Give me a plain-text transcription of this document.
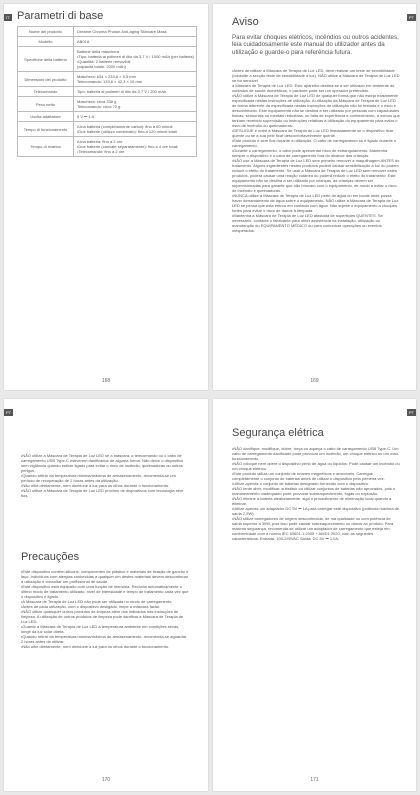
IT Parametri di base
Nome del prodotto	Dreame Chroma Photon Anti-aging Skincare Mask

Modello	AB01A

Specifiche della batteria	Batterie della maschera
•Tipo: batteria ai polimeri di litio da 3,7 V / 1000 mAh (per batteria)
•Quantità: 2 batterie removibili
(capacità totale: 2000 mAh)

Dimensioni del prodotto	Maschera: 634 × 233,8 × 5,5 mm
Telecomando: 133,6 × 42,3 × 19 mm

Telecomando	Tipo: batteria ai polimeri di litio da 3,7 V / 200 mAh

Peso netto	Maschera: circa 338 g
Telecomando: circa 72 g

Uscita adattatore	5 V ⎓ 1 A

Tempo di funzionamento	•Una batteria (completamente carica): fino a 60 minuti
•Due batterie (utilizzo combinato): fino a 120 minuti totali

Tempo di ricarica	•Una batteria: fino a 2 ore
•Due batterie (caricate separatamente): fino a 4 ore totali
•Telecomando: fino a 2 ore
168
PT
Aviso
Para evitar choques elétricos, incêndios ou outros acidentes, leia cuidadosamente este manual do utilizador antes da utilização e guarde-o para referência futura.
•Antes de utilizar a Máscara de Terapia de Luz LED, deve realizar um teste de sensibilidade (consulte a secção teste de sensibilidade à luz). NÃO utilize a Máscara de Terapia de Luz LED se for sensível
à Máscara de Terapia de Luz LED. Este aparelho destina-se a ser utilizado em ambiente de cuidados de saúde domésticos, o paciente pode ser um operador pretendido.
•NÃO utilize a Máscara de Terapia de Luz LED de qualquer forma que não esteja exatamente especificada nestas instruções de utilização. A utilização da Máscara de Terapia de Luz LED de forma diferente da especificada nestas instruções de utilização não foi testada e o risco é desconhecido. Este equipamento não se destina a ser utilizado por pessoas com capacidades físicas, sensoriais ou mentais reduzidas, ou falta de experiência e conhecimento, a menos que tenham recebido supervisão ou instruções relativas à utilização do equipamento para evitar o risco de incêndio ou queimaduras.
•DESLIGUE e retire a Máscara de Terapia de Luz LED imediatamente se o dispositivo ficar quente ou se a sua pele ficar desconfortavelmente quente.
•Este produto é sem fios durante a utilização. O cabo de carregamento só é ligado durante o carregamento.
•Durante o carregamento, o cabo pode apresentar risco de estrangulamento. Mantenha sempre o dispositivo e o cabo de carregamento fora do alcance das crianças.
•NÃO use a Máscara de Terapia de Luz LED sem primeiro remover a maquilhagem ANTES do tratamento. Alguns ingredientes nestes produtos podem causar sensibilização à luz ou podem reduzir o efeito do tratamento. Se usar a Máscara de Terapia de Luz LED sem remover estes produtos, poderá causar uma reação cutânea ou poderá reduzir o efeito do tratamento. Este equipamento não se destina a ser utilizado por crianças, as crianças devem ser supervisionadas para garantir que não brincam com o equipamento, de modo a evitar o risco de incêndio e queimaduras.
•NUNCA utilize a Máscara de Terapia de Luz LED perto de água ou em locais onde possa haver derramamento de água sobre o equipamento. NÃO utilize a Máscara de Terapia de Luz LED se pensa que esta entrou em contacto com água. Não sujeite o equipamento a choques fortes para evitar o risco de danos à lâmpada.
•Mantenha a Máscara de Terapia de Luz LED afastada de superfícies QUENTES. Se necessário, contacte o fabricante para obter assistência na instalação, utilização ou manutenção do EQUIPAMENTO MÉDICO ou para comunicar operações ou eventos inesperados.
169
PT
•NÃO utilize a Máscara de Terapia de Luz LED se a máscara, o telecomando ou o cabo de carregamento USB Type-C estiverem danificados de alguma forma. Não deixe o dispositivo sem vigilância quando estiver ligado para evitar o risco de incêndio, queimaduras ou outros perigos.
•Quando retirar da temperatura mínima/máxima de armazenamento, recomenda-se um período de recuperação de 2 horas antes da utilização.
•Não olhe diretamente, nem direcione a luz para os olhos durante o funcionamento.
•NÃO utilize a Máscara de Terapia de Luz LED próximo de dispositivos com tecnologia sem fios.
Precauções
•Este dispositivo contém silicone, componentes de plástico e materiais de fixação de gancho e laço. Indivíduos com alergias conhecidas a qualquer um destes materiais devem descontinuar
a utilização e consultar um profissional de saúde.
•Este dispositivo está equipado com uma função de memória. Recorda automaticamente o último modo de tratamento utilizado, nível de intensidade e tempo de tratamento cada vez que
o dispositivo é ligado.
•A Máscara de Terapia de Luz LED não pode ser utilizada no modo de carregamento.
•Antes de cada utilização, com o dispositivo desligado, limpe a máscara facial.
•NÃO utilize quaisquer outros produtos de limpeza além dos indicados nas instruções de limpeza. A utilização de outros produtos de limpeza pode danificar a Máscara de Terapia de Luz LED.
•Guarde a Máscara de Terapia de Luz LED à temperatura ambiente em condições secas, longe da luz solar direta.
•Quando retirar da temperatura mínima/máxima de armazenamento, recomenda-se aguardar 2 horas antes de utilizar.
•Não olhe diretamente, nem direcione a luz para os olhos durante o funcionamento.
170
PT
Segurança elétrica
•NÃO danifique, modifique, dobre, torça ou aqueça o cabo de carregamento USB Type-C. Um cabo de carregamento danificado pode provocar um incêndio, um choque elétrico ou um mau funcionamento.
•NÃO coloque nem opere o dispositivo perto de água ou líquidos. Pode causar um incêndio ou um choque elétrico.
•Este produto utiliza um conjunto de ímanes magnéticos e amovíveis. Carregue completamente o conjunto de baterias antes de utilizar o dispositivo pela primeira vez.
•Utilize apenas o conjunto de baterias designado fornecido com o dispositivo.
•NÃO tente abrir, modificar, substituir ou utilizar conjuntos de baterias não aprovados, pois o manuseamento inadequado pode provocar sobreaquecimento, fugas ou explosão.
•NÃO elimine a bateria aleatoriamente, siga o procedimento de eliminação local quando a eliminar.
•Utilize apenas um adaptador DC 5V ⎓ 1A para carregar este dispositivo (potência máxima de saída 2,5W).
•NÃO utilize carregadores de origem desconhecida, de má qualidade ou com potência de saída superior a 30W, pois isso pode causar sobreaquecimento ou danos ao produto. Para máxima segurança, recomenda-se utilizar um adaptador de carregamento que esteja em conformidade com a norma IEC 60601-1:2005 + AMD1:2020, com as seguintes características: Entrada: 100-240VAC Saída: DC 5V ⎓ 1,0A.
171
